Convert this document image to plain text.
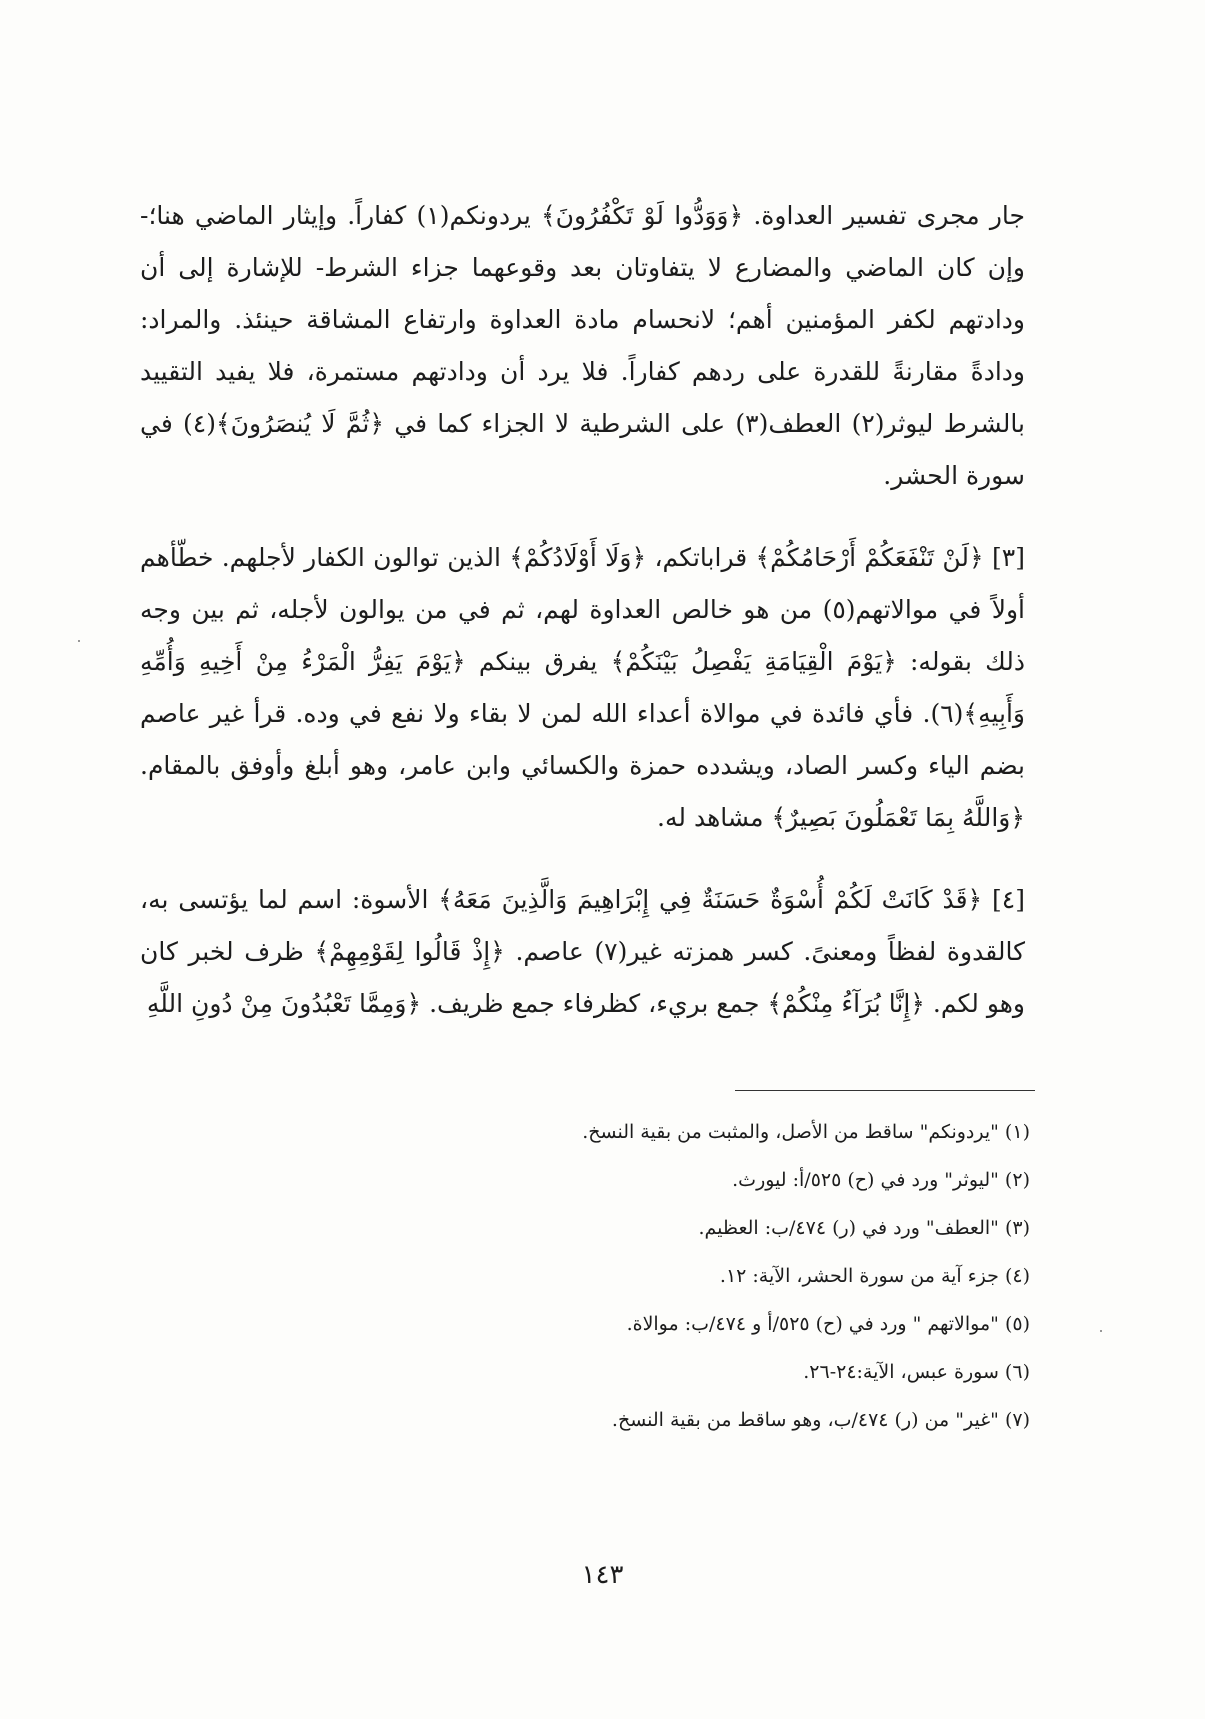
جار مجرى تفسير العداوة. ﴿وَوَدُّوا لَوْ تَكْفُرُونَ﴾ يردونكم(١) كفاراً. وإيثار الماضي هنا؛- وإن كان الماضي والمضارع لا يتفاوتان بعد وقوعهما جزاء الشرط- للإشارة إلى أن ودادتهم لكفر المؤمنين أهم؛ لانحسام مادة العداوة وارتفاع المشاقة حينئذ. والمراد: ودادةً مقارنةً للقدرة على ردهم كفاراً. فلا يرد أن ودادتهم مستمرة، فلا يفيد التقييد بالشرط ليوثر(٢) العطف(٣) على الشرطية لا الجزاء كما في ﴿ثُمَّ لَا يُنصَرُونَ﴾(٤) في سورة الحشر.

[٣] ﴿لَنْ تَنْفَعَكُمْ أَرْحَامُكُمْ﴾ قراباتكم، ﴿وَلَا أَوْلَادُكُمْ﴾ الذين توالون الكفار لأجلهم. خطّأهم أولاً في موالاتهم(٥) من هو خالص العداوة لهم، ثم في من يوالون لأجله، ثم بين وجه ذلك بقوله: ﴿يَوْمَ الْقِيَامَةِ يَفْصِلُ بَيْنَكُمْ﴾ يفرق بينكم ﴿يَوْمَ يَفِرُّ الْمَرْءُ مِنْ أَخِيهِ وَأُمِّهِ وَأَبِيهِ﴾(٦). فأي فائدة في موالاة أعداء الله لمن لا بقاء ولا نفع في وده. قرأ غير عاصم بضم الياء وكسر الصاد، ويشدده حمزة والكسائي وابن عامر، وهو أبلغ وأوفق بالمقام. ﴿وَاللَّهُ بِمَا تَعْمَلُونَ بَصِيرٌ﴾ مشاهد له.

[٤] ﴿قَدْ كَانَتْ لَكُمْ أُسْوَةٌ حَسَنَةٌ فِي إِبْرَاهِيمَ وَالَّذِينَ مَعَهُ﴾ الأسوة: اسم لما يؤتسى به، كالقدوة لفظاً ومعنىً. كسر همزته غير(٧) عاصم. ﴿إِذْ قَالُوا لِقَوْمِهِمْ﴾ ظرف لخبر كان وهو لكم. ﴿إِنَّا بُرَآءُ مِنْكُمْ﴾ جمع بريء، كظرفاء جمع ظريف. ﴿وَمِمَّا تَعْبُدُونَ مِنْ دُونِ اللَّهِ

(١) "يردونكم" ساقط من الأصل، والمثبت من بقية النسخ.

(٢) "ليوثر" ورد في (ح) ٥٢٥/أ: ليورث.

(٣) "العطف" ورد في (ر) ٤٧٤/ب: العظيم.

(٤) جزء آية من سورة الحشر، الآية: ١٢.

(٥) "موالاتهم " ورد في (ح) ٥٢٥/أ و ٤٧٤/ب: موالاة.

(٦) سورة عبس، الآية:٢٤-٢٦.

(٧) "غير" من (ر) ٤٧٤/ب، وهو ساقط من بقية النسخ.

١٤٣
